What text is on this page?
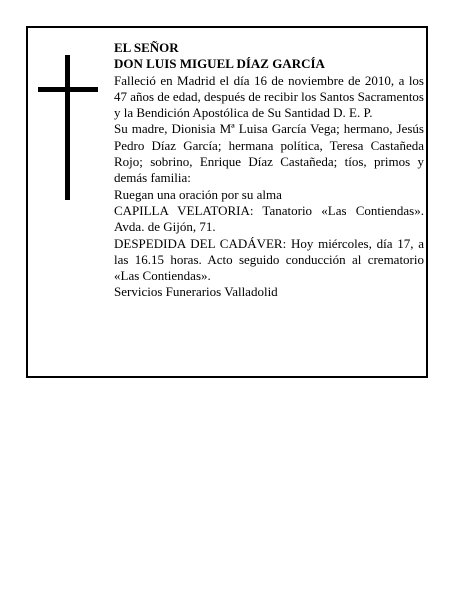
EL SEÑOR

DON LUIS MIGUEL DÍAZ GARCÍA

Falleció en Madrid el día 16 de noviembre de 2010, a los 47 años de edad, después de recibir los Santos Sacramentos y la Bendición Apostólica de Su Santidad D. E. P.

Su madre, Dionisia Mª Luisa García Vega; hermano, Jesús Pedro Díaz García; hermana política, Teresa Castañeda Rojo; sobrino, Enrique Díaz Castañeda; tíos, primos y demás familia:

Ruegan una oración por su alma

CAPILLA VELATORIA: Tanatorio «Las Contiendas». Avda. de Gijón, 71.

DESPEDIDA DEL CADÁVER: Hoy miércoles, día 17, a las 16.15 horas. Acto seguido conducción al crematorio «Las Contiendas».

Servicios Funerarios Valladolid
